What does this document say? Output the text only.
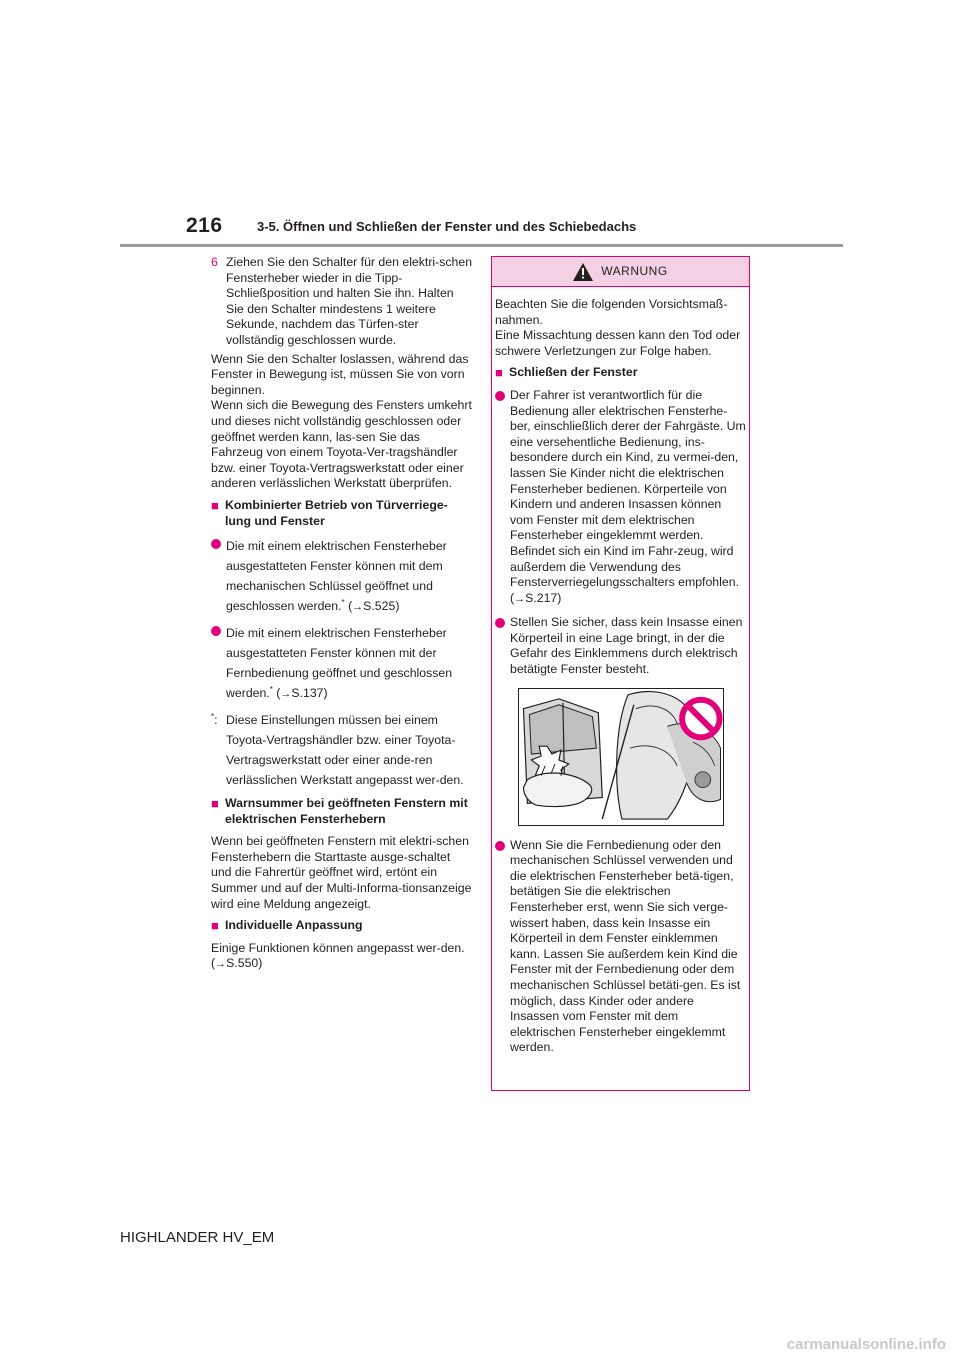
216	3-5. Öffnen und Schließen der Fenster und des Schiebedachs
6 Ziehen Sie den Schalter für den elektri-schen Fensterheber wieder in die Tipp-Schließposition und halten Sie ihn. Halten Sie den Schalter mindestens 1 weitere Sekunde, nachdem das Türfen-ster vollständig geschlossen wurde.

Wenn Sie den Schalter loslassen, während das Fenster in Bewegung ist, müssen Sie von vorn beginnen.
Wenn sich die Bewegung des Fensters umkehrt und dieses nicht vollständig geschlossen oder geöffnet werden kann, las-sen Sie das Fahrzeug von einem Toyota-Ver-tragshändler bzw. einer Toyota-Vertragswerkstatt oder einer anderen verlässlichen Werkstatt überprüfen.

■ Kombinierter Betrieb von Türverriege-lung und Fenster
Die mit einem elektrischen Fensterheber ausgestatteten Fenster können mit dem mechanischen Schlüssel geöffnet und geschlossen werden.* (→S.525)
Die mit einem elektrischen Fensterheber ausgestatteten Fenster können mit der Fernbedienung geöffnet und geschlossen werden.* (→S.137)
*: Diese Einstellungen müssen bei einem Toyota-Vertragshändler bzw. einer Toyota-Vertragswerkstatt oder einer ande-ren verlässlichen Werkstatt angepasst wer-den.
■ Warnsummer bei geöffneten Fenstern mit elektrischen Fensterhebern

Wenn bei geöffneten Fenstern mit elektri-schen Fensterhebern die Starttaste ausge-schaltet und die Fahrertür geöffnet wird, ertönt ein Summer und auf der Multi-Informa-tionsanzeige wird eine Meldung angezeigt.

■ Individuelle Anpassung

Einige Funktionen können angepasst wer-den. (→S.550)

WARNUNG

Beachten Sie die folgenden Vorsichtsmaß-nahmen.
Eine Missachtung dessen kann den Tod oder schwere Verletzungen zur Folge haben.

■ Schließen der Fenster
Der Fahrer ist verantwortlich für die Bedienung aller elektrischen Fensterhe-ber, einschließlich derer der Fahrgäste. Um eine versehentliche Bedienung, ins-besondere durch ein Kind, zu vermei-den, lassen Sie Kinder nicht die elektrischen Fensterheber bedienen. Körperteile von Kindern und anderen Insassen können vom Fenster mit dem elektrischen Fensterheber eingeklemmt werden. Befindet sich ein Kind im Fahr-zeug, wird außerdem die Verwendung des Fensterverriegelungsschalters empfohlen. (→S.217)
Stellen Sie sicher, dass kein Insasse einen Körperteil in eine Lage bringt, in der die Gefahr des Einklemmens durch elektrisch betätigte Fenster besteht.
Wenn Sie die Fernbedienung oder den mechanischen Schlüssel verwenden und die elektrischen Fensterheber betä-tigen, betätigen Sie die elektrischen Fensterheber erst, wenn Sie sich verge-wissert haben, dass kein Insasse ein Körperteil in dem Fenster einklemmen kann. Lassen Sie außerdem kein Kind die Fenster mit der Fernbedienung oder dem mechanischen Schlüssel betäti-gen. Es ist möglich, dass Kinder oder andere Insassen vom Fenster mit dem elektrischen Fensterheber eingeklemmt werden.
HIGHLANDER HV_EM
carmanualsonline.info
